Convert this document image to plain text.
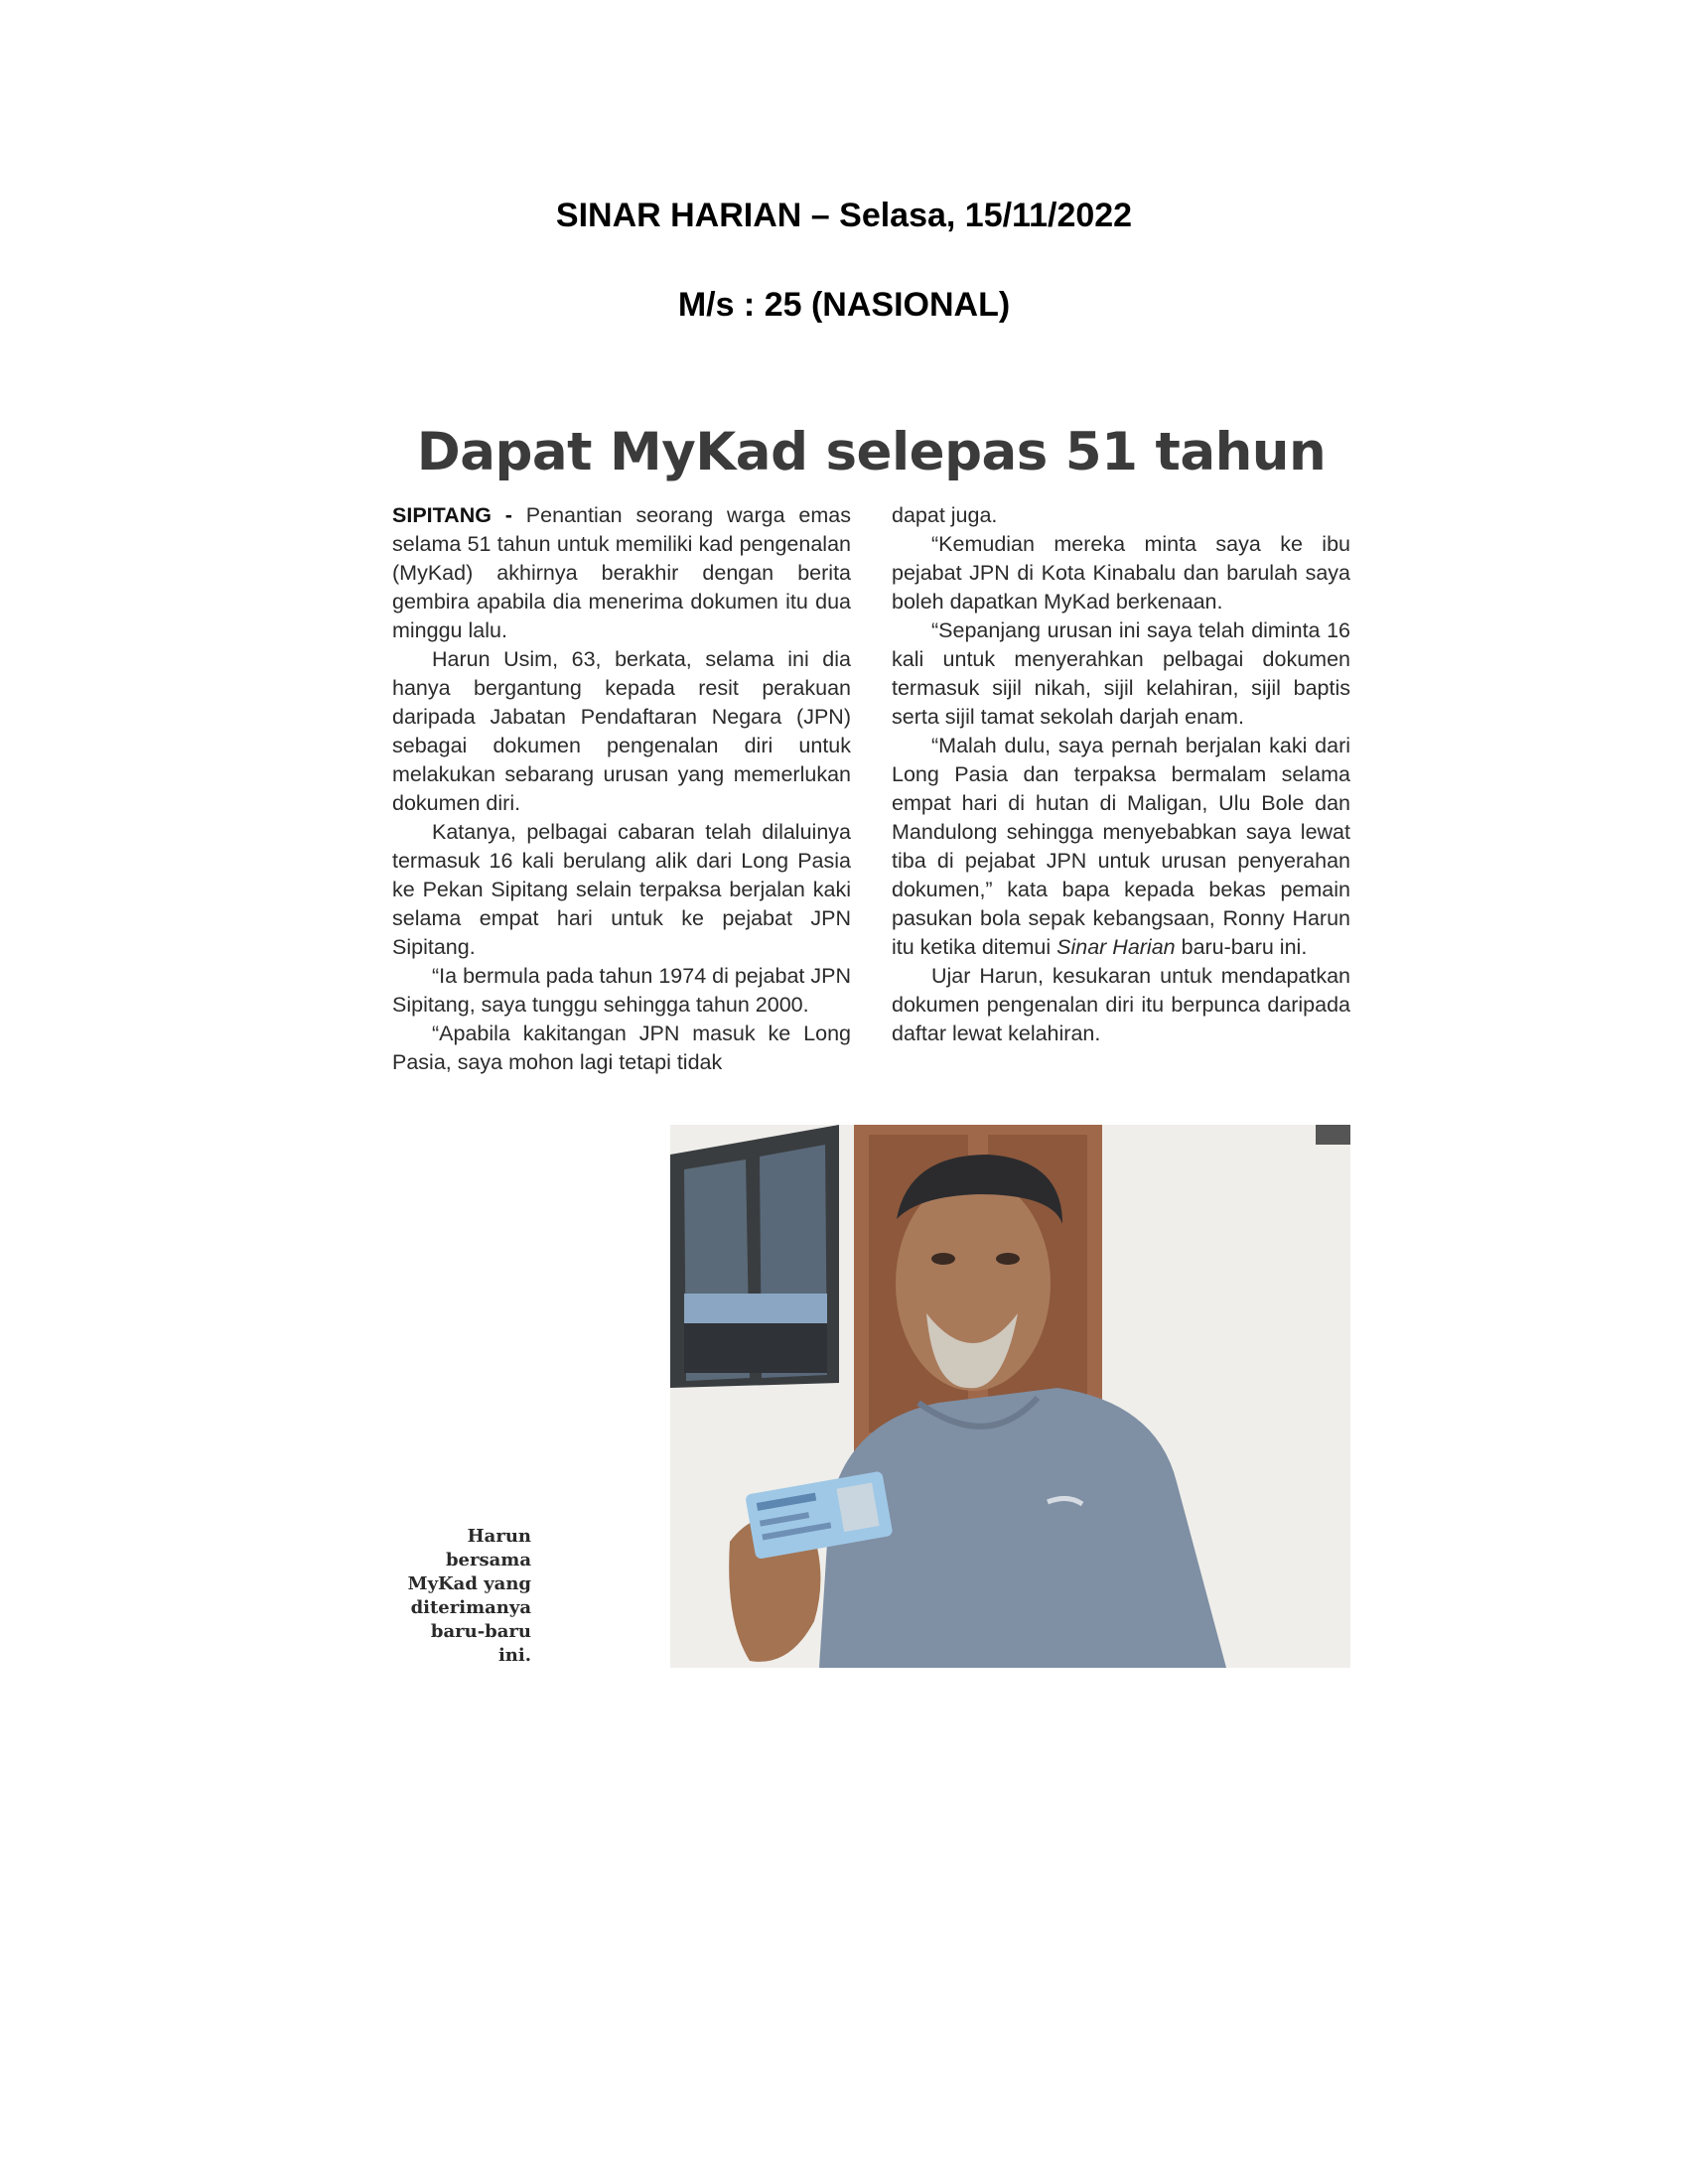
SINAR HARIAN – Selasa, 15/11/2022
M/s : 25 (NASIONAL)
Dapat MyKad selepas 51 tahun

SIPITANG - Penantian seorang warga emas selama 51 tahun untuk memiliki kad pengenalan (MyKad) akhirnya berakhir dengan berita gembira apabila dia menerima dokumen itu dua minggu lalu.

Harun Usim, 63, berkata, selama ini dia hanya bergantung kepada resit perakuan daripada Jabatan Pendaftaran Negara (JPN) sebagai dokumen pengenalan diri untuk melakukan sebarang urusan yang memerlukan dokumen diri.

Katanya, pelbagai cabaran telah dilaluinya termasuk 16 kali berulang alik dari Long Pasia ke Pekan Sipitang selain terpaksa berjalan kaki selama empat hari untuk ke pejabat JPN Sipitang.

“Ia bermula pada tahun 1974 di pejabat JPN Sipitang, saya tunggu sehingga tahun 2000.

“Apabila kakitangan JPN masuk ke Long Pasia, saya mohon lagi tetapi tidak

dapat juga.

“Kemudian mereka minta saya ke ibu pejabat JPN di Kota Kinabalu dan barulah saya boleh dapatkan MyKad berkenaan.

“Sepanjang urusan ini saya telah diminta 16 kali untuk menyerahkan pelbagai dokumen termasuk sijil nikah, sijil kelahiran, sijil baptis serta sijil tamat sekolah darjah enam.

“Malah dulu, saya pernah berjalan kaki dari Long Pasia dan terpaksa bermalam selama empat hari di hutan di Maligan, Ulu Bole dan Mandulong sehingga menyebabkan saya lewat tiba di pejabat JPN untuk urusan penyerahan dokumen,” kata bapa kepada bekas pemain pasukan bola sepak kebangsaan, Ronny Harun itu ketika ditemui Sinar Harian baru-baru ini.

Ujar Harun, kesukaran untuk mendapatkan dokumen pengenalan diri itu berpunca daripada daftar lewat kelahiran.

Harun
bersama
MyKad yang
diterimanya
baru-baru
ini.
